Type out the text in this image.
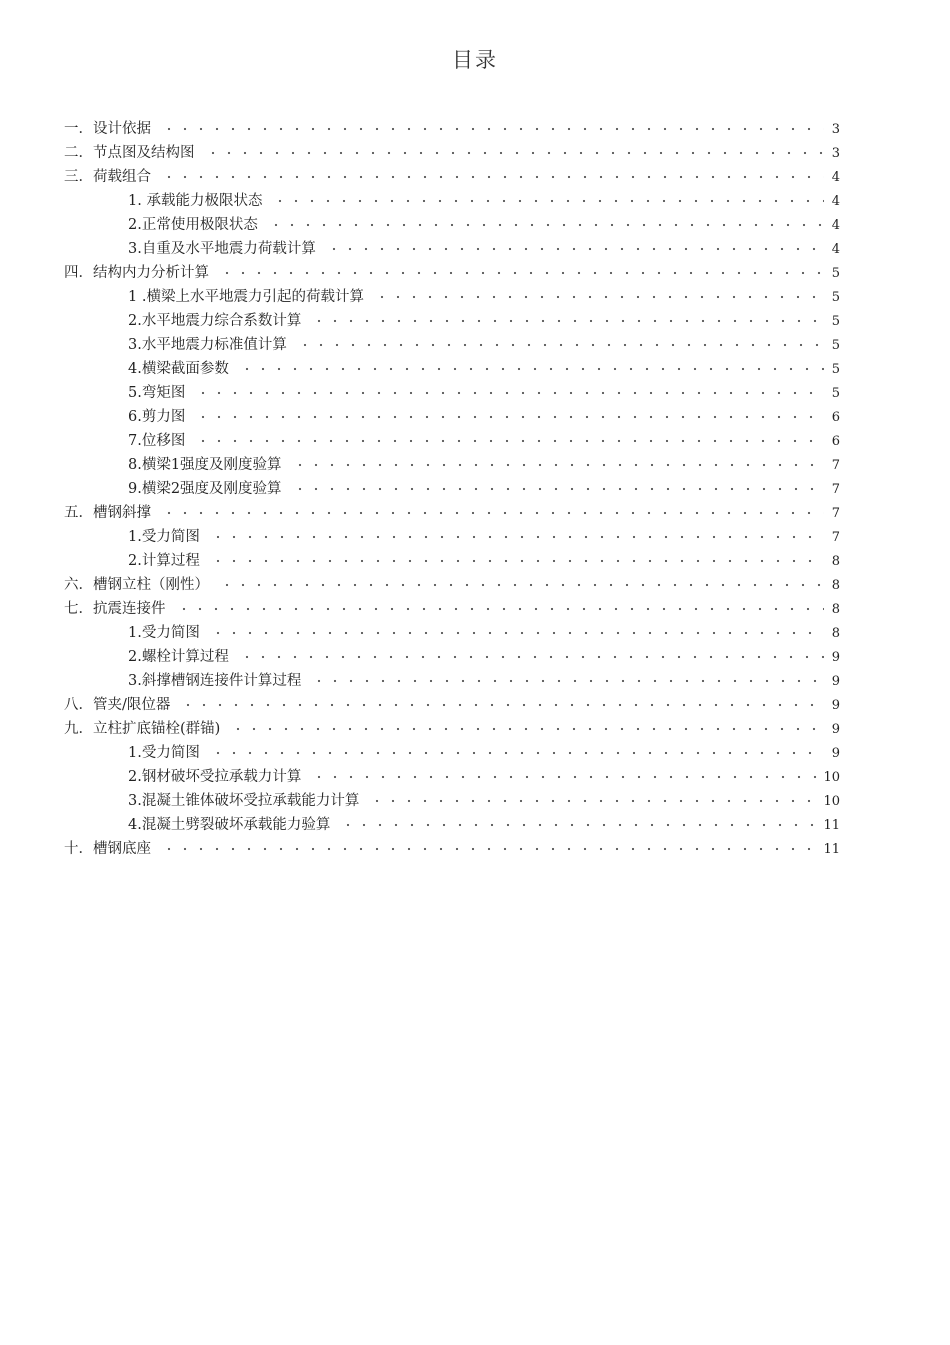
目录
一．设计依据	3
二．节点图及结构图	3
三．荷载组合	4
1. 承载能力极限状态	4
2.正常使用极限状态	4
3.自重及水平地震力荷载计算	4
四．结构内力分析计算	5
1 .横梁上水平地震力引起的荷载计算	5
2.水平地震力综合系数计算	5
3.水平地震力标准值计算	5
4.横梁截面参数	5
5.弯矩图	5
6.剪力图	6
7.位移图	6
8.横梁1强度及刚度验算	7
9.横梁2强度及刚度验算	7
五．槽钢斜撑	7
1.受力简图	7
2.计算过程	8
六．槽钢立柱（刚性）	8
七．抗震连接件	8
1.受力简图	8
2.螺栓计算过程	9
3.斜撑槽钢连接件计算过程	9
八．管夹/限位器	9
九．立柱扩底锚栓(群锚)	9
1.受力简图	9
2.钢材破坏受拉承载力计算	10
3.混凝土锥体破坏受拉承载能力计算	10
4.混凝土劈裂破坏承载能力验算	11
十．槽钢底座	11
